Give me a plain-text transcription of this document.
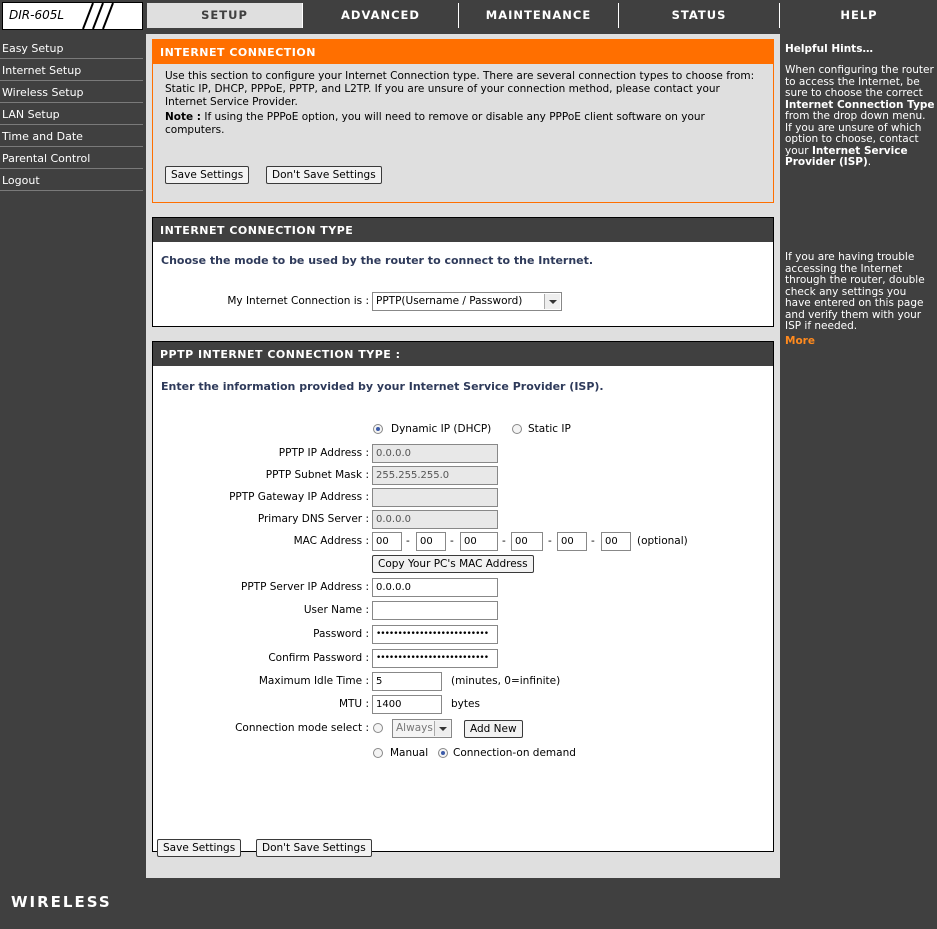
DIR-605L	SETUP	ADVANCED	MAINTENANCE	STATUS
Easy Setup
Internet Setup
Wireless Setup
LAN Setup
Time and Date
Parental Control
Logout
INTERNET CONNECTION
Use this section to configure your Internet Connection type. There are several connection types to choose from: Static IP, DHCP, PPPoE, PPTP, and L2TP. If you are unsure of your connection method, please contact your Internet Service Provider.
Note : If using the PPPoE option, you will need to remove or disable any PPPoE client software on your computers.
Save Settings	Don't Save Settings
INTERNET CONNECTION TYPE
Choose the mode to be used by the router to connect to the Internet.
My Internet Connection is : PPTP(Username / Password)
PPTP INTERNET CONNECTION TYPE :
Enter the information provided by your Internet Service Provider (ISP).
Dynamic IP (DHCP)	Static IP
PPTP IP Address : 0.0.0.0
PPTP Subnet Mask : 255.255.255.0
PPTP Gateway IP Address :
Primary DNS Server : 0.0.0.0
MAC Address : 00	-	00	-	00	- 00	- 00	-	00	(optional)
Copy Your PC's MAC Address
PPTP Server IP Address : 0.0.0.0
User Name :
Password : ••••••••••••••••••••••••••
Confirm Password : ••••••••••••••••••••••••••
Maximum Idle Time : 5	(minutes, 0=infinite)
MTU : 1400	bytes
Connection mode select :	Always	Add New
Manual Connection-on demand
Save Settings	Don't Save Settings
HELP
Helpful Hints…
When configuring the router to access the Internet, be sure to choose the correct Internet Connection Type from the drop down menu. If you are unsure of which option to choose, contact your Internet Service Provider (ISP).
If you are having trouble accessing the Internet through the router, double check any settings you have entered on this page and verify them with your ISP if needed.
More
WIRELESS
